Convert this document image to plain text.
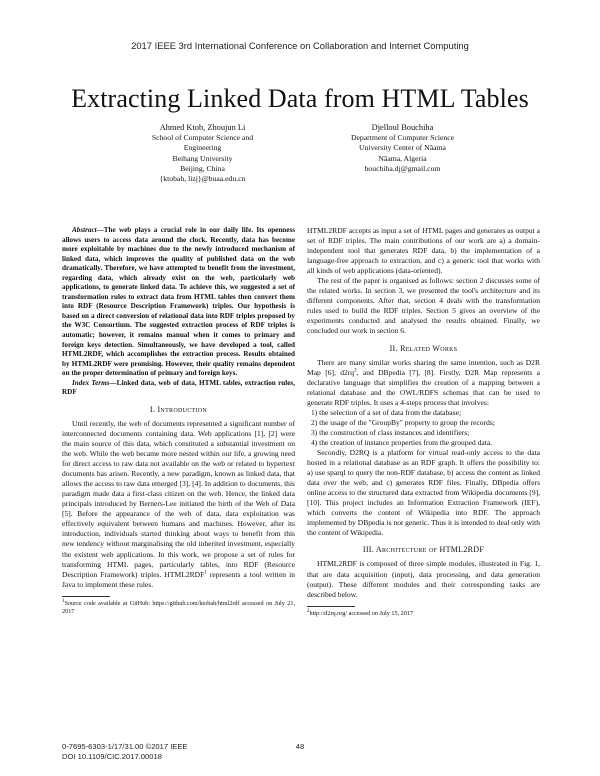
2017 IEEE 3rd International Conference on Collaboration and Internet Computing
Extracting Linked Data from HTML Tables
Ahmed Ktob, Zhoujun Li
School of Computer Science and
Engineering
Beihang University
Beijing, China
{ktobah, lizj}@buaa.edu.cn
Djelloul Bouchiha
Department of Computer Science
University Center of Nâama
Nâama, Algeria
bouchiha.dj@gmail.com

Abstract—The web plays a crucial role in our daily life. Its openness allows users to access data around the clock. Recently, data has become more exploitable by machines due to the newly introduced mechanism of linked data, which improves the quality of published data on the web dramatically. Therefore, we have attempted to benefit from the investment, regarding data, which already exist on the web, particularly web applications, to generate linked data. To achieve this, we suggested a set of transformation rules to extract data from HTML tables then convert them into RDF (Resource Description Framework) triples. Our hypothesis is based on a direct conversion of relational data into RDF triples proposed by the W3C Consortium. The suggested extraction process of RDF triples is automatic; however, it remains manual when it comes to primary and foreign keys detection. Simultaneously, we have developed a tool, called HTML2RDF, which accomplishes the extraction process. Results obtained by HTML2RDF were promising. However, their quality remains dependent on the proper determination of primary and foreign keys.

Index Terms—Linked data, web of data, HTML tables, extraction rules, RDF

I. Introduction

Until recently, the web of documents represented a significant number of interconnected documents containing data. Web applications [1], [2] were the main source of this data, which constituted a substantial investment on the web. While the web became more nested within our life, a growing need for direct access to raw data not available on the web or related to hypertext documents has arisen. Recently, a new paradigm, known as linked data, that allows the access to raw data emerged [3], [4]. In addition to documents, this paradigm made data a first-class citizen on the web. Hence, the linked data principals introduced by Berners-Lee initiated the birth of the Web of Data [5]. Before the appearance of the web of data, data exploitation was effectively equivalent between humans and machines. However, after its introduction, individuals started thinking about ways to benefit from this new tendency without marginalising the old inherited investment, especially the existent web applications. In this work, we propose a set of rules for transforming HTML pages, particularly tables, into RDF (Resource Description Framework) triples. HTML2RDF$^1$ represents a tool written in Java to implement these rules.

$^1$Source code available at GitHub: https://github.com/ktobah/html2rdf accessed on July 21, 2017

HTML2RDF accepts as input a set of HTML pages and generates as output a set of RDF triples. The main contributions of our work are a) a domain-independent tool that generates RDF data, b) the implementation of a language-free approach to extraction, and c) a generic tool that works with all kinds of web applications (data-oriented).

The rest of the paper is organised as follows: section 2 discusses some of the related works. In section 3, we presented the tool's architecture and its different components. After that, section 4 deals with the transformation rules used to build the RDF triples. Section 5 gives an overview of the experiments conducted and analysed the results obtained. Finally, we concluded our work in section 6.

II. Related Works

There are many similar works sharing the same intention, such as D2R Map [6], $d2rq^2$, and DBpedia [7], [8]. Firstly, D2R Map represents a declarative language that simplifies the creation of a mapping between a relational database and the OWL/RDFS schemas that can be used to generate RDF triples. It uses a 4-steps process that involves:

1) the selection of a set of data from the database;
2) the usage of the "GroupBy" property to group the records;
3) the construction of class instances and identifiers;
4) the creation of instance properties from the grouped data.

Secondly, D2RQ is a platform for virtual read-only access to the data hosted in a relational database as an RDF graph. It offers the possibility to: a) use sparql to query the non-RDF database, b) access the content as linked data over the web, and c) generates RDF files. Finally, DBpedia offers online access to the structured data extracted from Wikipedia documents [9], [10]. This project includes an Information Extraction Framework (IEF), which converts the content of Wikipedia into RDF. The approach implemented by DBpedia is not generic. Thus it is intended to deal only with the content of Wikipedia.

III. Architecture of HTML2RDF

HTML2RDF is composed of three simple modules, illustrated in Fig. 1, that are data acquisition (input), data processing, and data generation (output). These different modules and their corresponding tasks are described below.

$^2$http://d2rq.org/ accessed on July 15, 2017
0-7695-6303-1/17/31.00 ©2017 IEEE
DOI 10.1109/CIC.2017.00018
48
